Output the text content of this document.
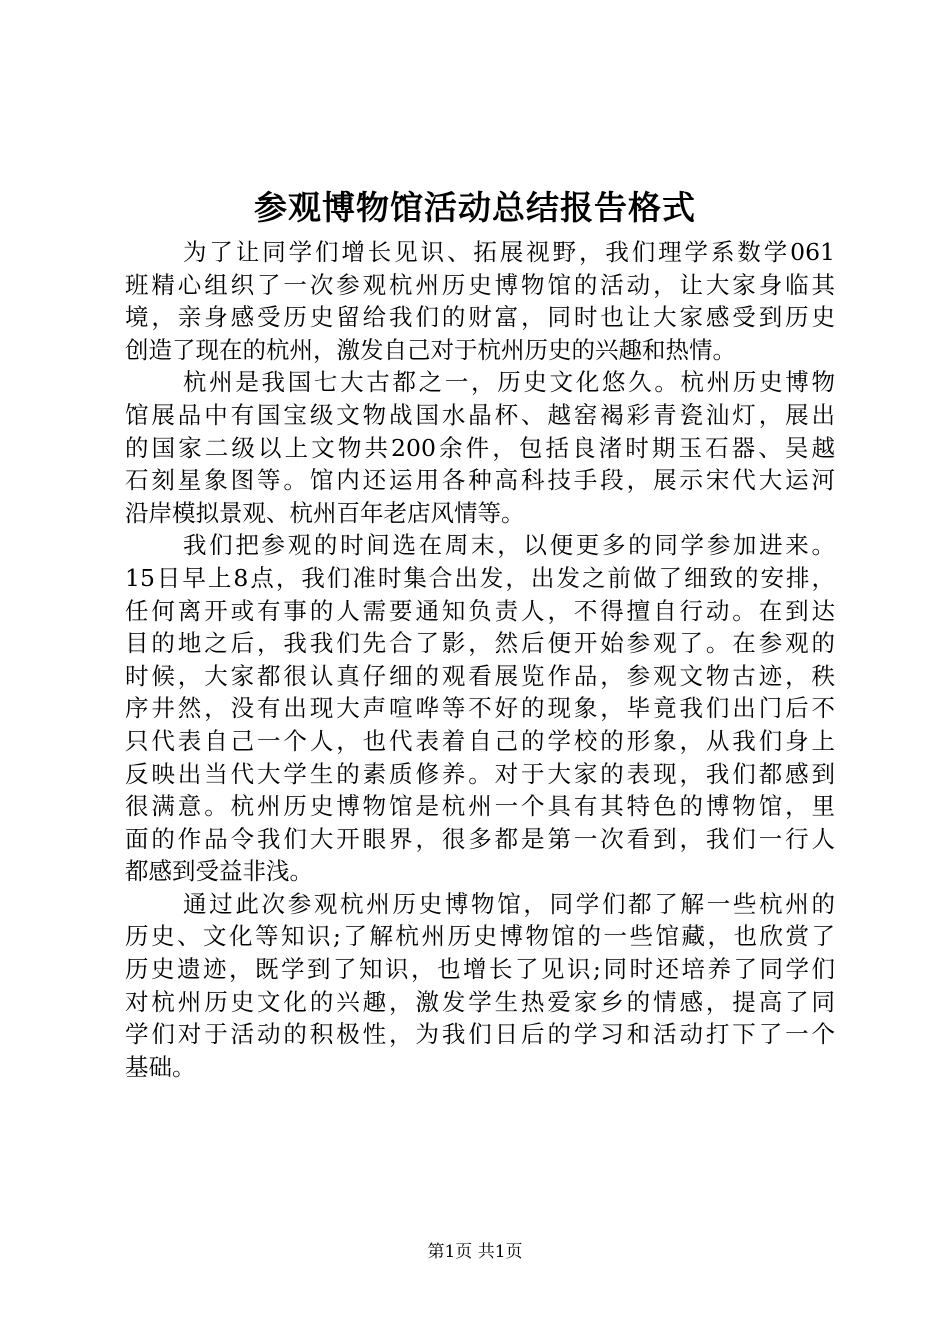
参观博物馆活动总结报告格式
为了让同学们增长见识、拓展视野，我们理学系数学061
班精心组织了一次参观杭州历史博物馆的活动，让大家身临其
境，亲身感受历史留给我们的财富，同时也让大家感受到历史
创造了现在的杭州，激发自己对于杭州历史的兴趣和热情。
杭州是我国七大古都之一，历史文化悠久。杭州历史博物
馆展品中有国宝级文物战国水晶杯、越窑褐彩青瓷汕灯，展出
的国家二级以上文物共200余件，包括良渚时期玉石器、吴越
石刻星象图等。馆内还运用各种高科技手段，展示宋代大运河
沿岸模拟景观、杭州百年老店风情等。
我们把参观的时间选在周末，以便更多的同学参加进来。
15日早上8点，我们准时集合出发，出发之前做了细致的安排，
任何离开或有事的人需要通知负责人，不得擅自行动。在到达
目的地之后，我我们先合了影，然后便开始参观了。在参观的
时候，大家都很认真仔细的观看展览作品，参观文物古迹，秩
序井然，没有出现大声喧哗等不好的现象，毕竟我们出门后不
只代表自己一个人，也代表着自己的学校的形象，从我们身上
反映出当代大学生的素质修养。对于大家的表现，我们都感到
很满意。杭州历史博物馆是杭州一个具有其特色的博物馆，里
面的作品令我们大开眼界，很多都是第一次看到，我们一行人
都感到受益非浅。
通过此次参观杭州历史博物馆，同学们都了解一些杭州的
历史、文化等知识;了解杭州历史博物馆的一些馆藏，也欣赏了
历史遗迹，既学到了知识，也增长了见识;同时还培养了同学们
对杭州历史文化的兴趣，激发学生热爱家乡的情感，提高了同
学们对于活动的积极性，为我们日后的学习和活动打下了一个
基础。
第1页 共1页
